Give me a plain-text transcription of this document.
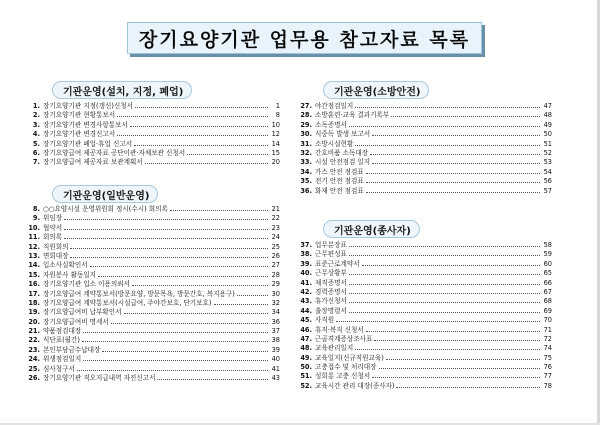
장기요양기관 업무용 참고자료 목록
기관운영(설치, 지정, 폐업)
1. 장기요양기관 지정(갱신)신청서	1
2. 장기요양기관 현황통보서	8
3. 장기요양기관 변경사항통보서	10
4. 장기요양기관 변경신고서	12
5. 장기요양기관 폐업·휴업 신고서	14
6. 장기요양급여 제공자료 공단이관·자체보관 신청서	15
7. 장기요양급여 제공자료 보관계획서	20
기관운영(일반운영)
8. ○○요양시설 운영위원회 정시(수시) 회의록	21
9. 위임장	22
10. 협약서	23
11. 회의록	24
12. 직원회의	25
13. 면회대장	26
14. 입소사실확인서	27
15. 자원봉사 활동일지	28
16. 장기요양기관 입소 이용의뢰서	29
17. 장기요양급여 계약통보서(방문요양, 방문목욕, 방문간호, 복지용구)	30
18. 장기요양급여 계약통보서(시설급여, 주야간보호, 단기보호)	32
19. 장기요양급여비 납부확인서	34
20. 장기요양급여비 명세서	36
21. 약품점검대장	37
22. 식단표(월간)	38
23. 본인부담금수납대장	39
24. 위생점검일지	40
25. 심사청구서	41
26. 장기요양기관 직오지급내역 자진신고서	43
기관운영(소방안전)
27. 야간점검일지	47
28. 소방훈련·교육 결과기록부	48
29. 소독증명서	49
30. 식중독 발생 보고서	50
31. 소방시설현황	51
32. 간호비품 소독대장	52
33. 시설 안전점검 일지	53
34. 가스 안전 점검표	54
35. 전기 안전 점검표	56
36. 화재 안전 점검표	57
기관운영(종사자)
37. 업무분장표	58
38. 근무편성표	59
39. 표준근로계약서	60
40. 근무상황부	65
41. 재직증명서	66
42. 경력증명서	67
43. 휴가신청서	68
44. 출장명령서	69
45. 사직원	70
46. 휴직·복직 신청서	71
47. 근골격계증상조사표	72
48. 교육관리일지	74
49. 교육일지(신규직원교육)	75
50. 고충접수 및 처리대장	76
51. 성희롱 고충 신청서	77
52. 교육시간 관리 대장(종사자)	78
